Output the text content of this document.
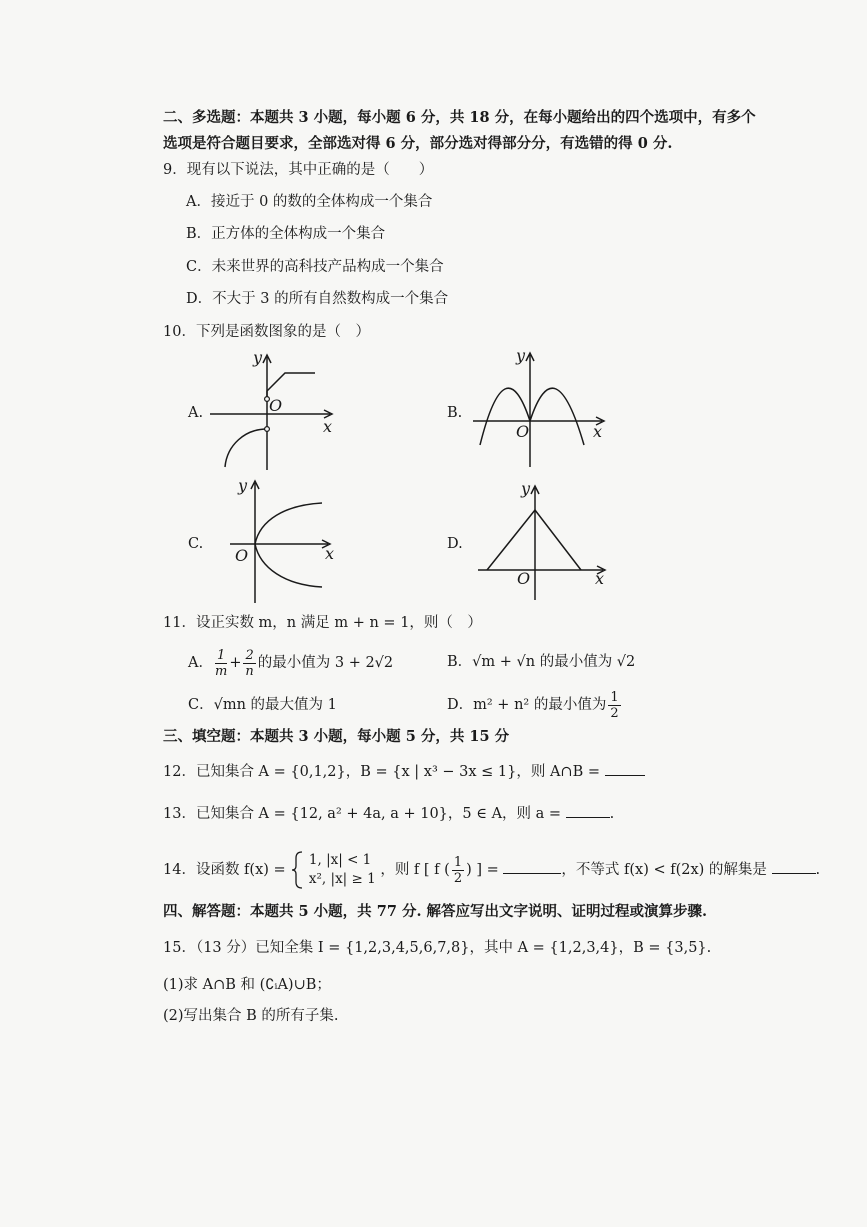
二、多选题：本题共 3 小题，每小题 6 分，共 18 分，在每小题给出的四个选项中，有多个
选项是符合题目要求，全部选对得 6 分，部分选对得部分分，有选错的得 0 分.
9．现有以下说法，其中正确的是（　　）
A．接近于 0 的数的全体构成一个集合
B．正方体的全体构成一个集合
C．未来世界的高科技产品构成一个集合
D．不大于 3 的所有自然数构成一个集合
10．下列是函数图象的是（　）
A.
x
y
O	B.
x
y
O
C.	x
y
O
D.
x
y
O
11．设正实数 m，n 满足 m + n = 1，则（　）
A． $\frac{1}{m} + \frac{2}{n}$ 的最小值为 3 + 2√2	B．√m + √n 的最小值为 √2
C．√mn 的最大值为 1	D．m² + n² 的最小值为 $\frac{1}{2}$
三、填空题：本题共 3 小题，每小题 5 分，共 15 分
12．已知集合 A = {0,1,2}，B = {x | x³ − 3x ≤ 1}，则 A∩B =
13．已知集合 A = {12, a² + 4a, a + 10}，5 ∈ A，则 a =	.
14．设函数 f(x) =
1, |x| < 1
x², |x| ≥ 1
，则 f [ f ( $\frac{1}{2}$ ) ] =	，不等式 f(x) < f(2x) 的解集是	.
四、解答题：本题共 5 小题，共 77 分. 解答应写出文字说明、证明过程或演算步骤.
15．（13 分）已知全集 I = {1,2,3,4,5,6,7,8}，其中 A = {1,2,3,4}，B = {3,5}.
(1)求 A∩B 和 (∁ᵢA)∪B；
(2)写出集合 B 的所有子集.
